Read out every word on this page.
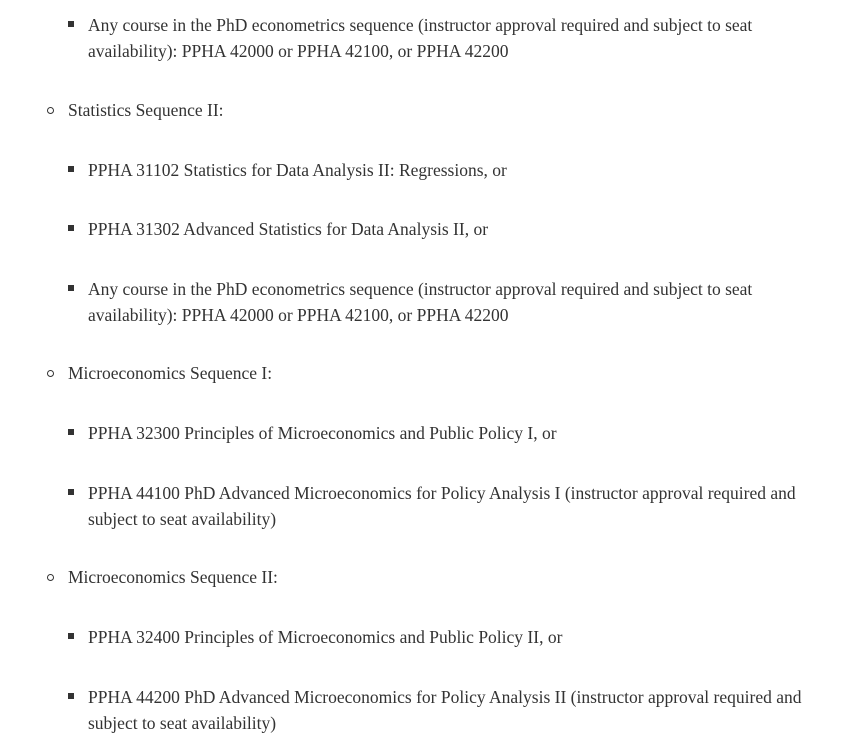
Any course in the PhD econometrics sequence (instructor approval required and subject to seat availability): PPHA 42000 or PPHA 42100, or PPHA 42200
Statistics Sequence II:
PPHA 31102 Statistics for Data Analysis II: Regressions, or
PPHA 31302 Advanced Statistics for Data Analysis II, or
Any course in the PhD econometrics sequence (instructor approval required and subject to seat availability): PPHA 42000 or PPHA 42100, or PPHA 42200
Microeconomics Sequence I:
PPHA 32300 Principles of Microeconomics and Public Policy I, or
PPHA 44100 PhD Advanced Microeconomics for Policy Analysis I (instructor approval required and subject to seat availability)
Microeconomics Sequence II:
PPHA 32400 Principles of Microeconomics and Public Policy II, or
PPHA 44200 PhD Advanced Microeconomics for Policy Analysis II (instructor approval required and subject to seat availability)
